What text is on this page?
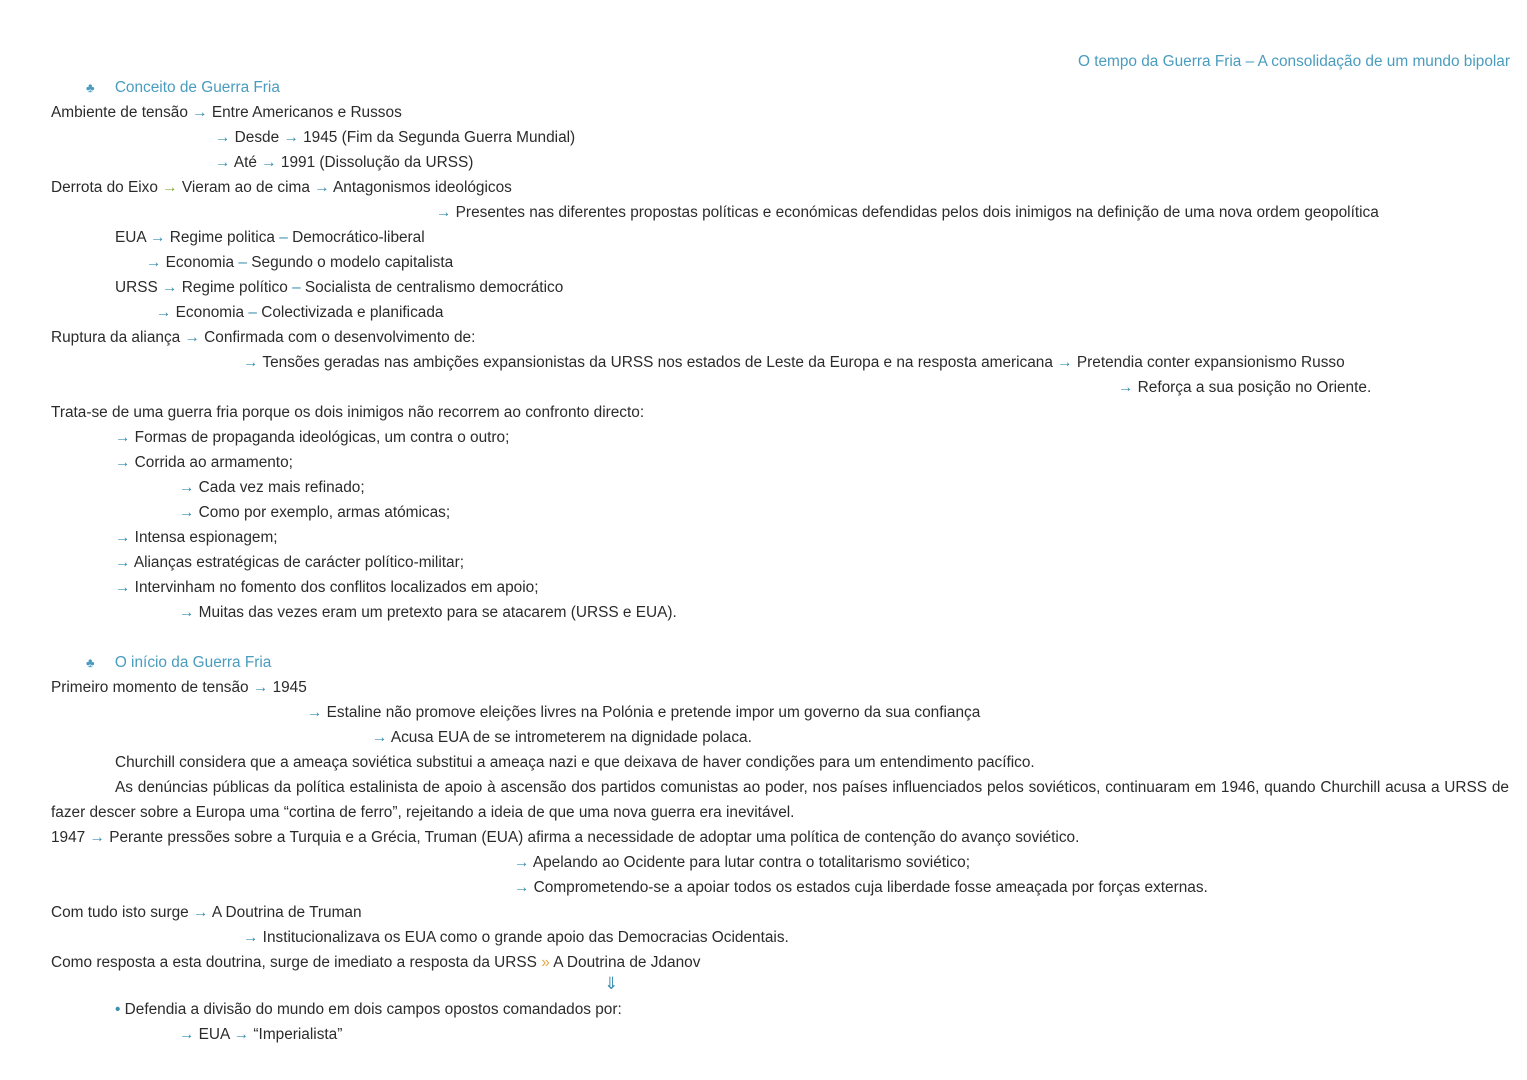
O tempo da Guerra Fria – A consolidação de um mundo bipolar
♣ Conceito de Guerra Fria
Ambiente de tensão → Entre Americanos e Russos
→ Desde → 1945 (Fim da Segunda Guerra Mundial)
→ Até → 1991 (Dissolução da URSS)
Derrota do Eixo → Vieram ao de cima → Antagonismos ideológicos
→ Presentes nas diferentes propostas políticas e económicas defendidas pelos dois inimigos na definição de uma nova ordem geopolítica
EUA → Regime politica – Democrático-liberal
→ Economia – Segundo o modelo capitalista
URSS → Regime político – Socialista de centralismo democrático
→ Economia – Colectivizada e planificada
Ruptura da aliança → Confirmada com o desenvolvimento de:
→ Tensões geradas nas ambições expansionistas da URSS nos estados de Leste da Europa e na resposta americana → Pretendia conter expansionismo Russo
→ Reforça a sua posição no Oriente.
Trata-se de uma guerra fria porque os dois inimigos não recorrem ao confronto directo:
→ Formas de propaganda ideológicas, um contra o outro;
→ Corrida ao armamento;
→ Cada vez mais refinado;
→ Como por exemplo, armas atómicas;
→ Intensa espionagem;
→ Alianças estratégicas de carácter político-militar;
→ Intervinham no fomento dos conflitos localizados em apoio;
→ Muitas das vezes eram um pretexto para se atacarem (URSS e EUA).
♣ O início da Guerra Fria
Primeiro momento de tensão → 1945
→ Estaline não promove eleições livres na Polónia e pretende impor um governo da sua confiança
→ Acusa EUA de se intrometerem na dignidade polaca.
Churchill considera que a ameaça soviética substitui a ameaça nazi e que deixava de haver condições para um entendimento pacífico.
As denúncias públicas da política estalinista de apoio à ascensão dos partidos comunistas ao poder, nos países influenciados pelos soviéticos, continuaram em 1946, quando Churchill acusa a URSS de
fazer descer sobre a Europa uma “cortina de ferro”, rejeitando a ideia de que uma nova guerra era inevitável.
1947 → Perante pressões sobre a Turquia e a Grécia, Truman (EUA) afirma a necessidade de adoptar uma política de contenção do avanço soviético.
→ Apelando ao Ocidente para lutar contra o totalitarismo soviético;
→ Comprometendo-se a apoiar todos os estados cuja liberdade fosse ameaçada por forças externas.
Com tudo isto surge → A Doutrina de Truman
→ Institucionalizava os EUA como o grande apoio das Democracias Ocidentais.
Como resposta a esta doutrina, surge de imediato a resposta da URSS » A Doutrina de Jdanov
⇓
• Defendia a divisão do mundo em dois campos opostos comandados por:
→ EUA → “Imperialista”
